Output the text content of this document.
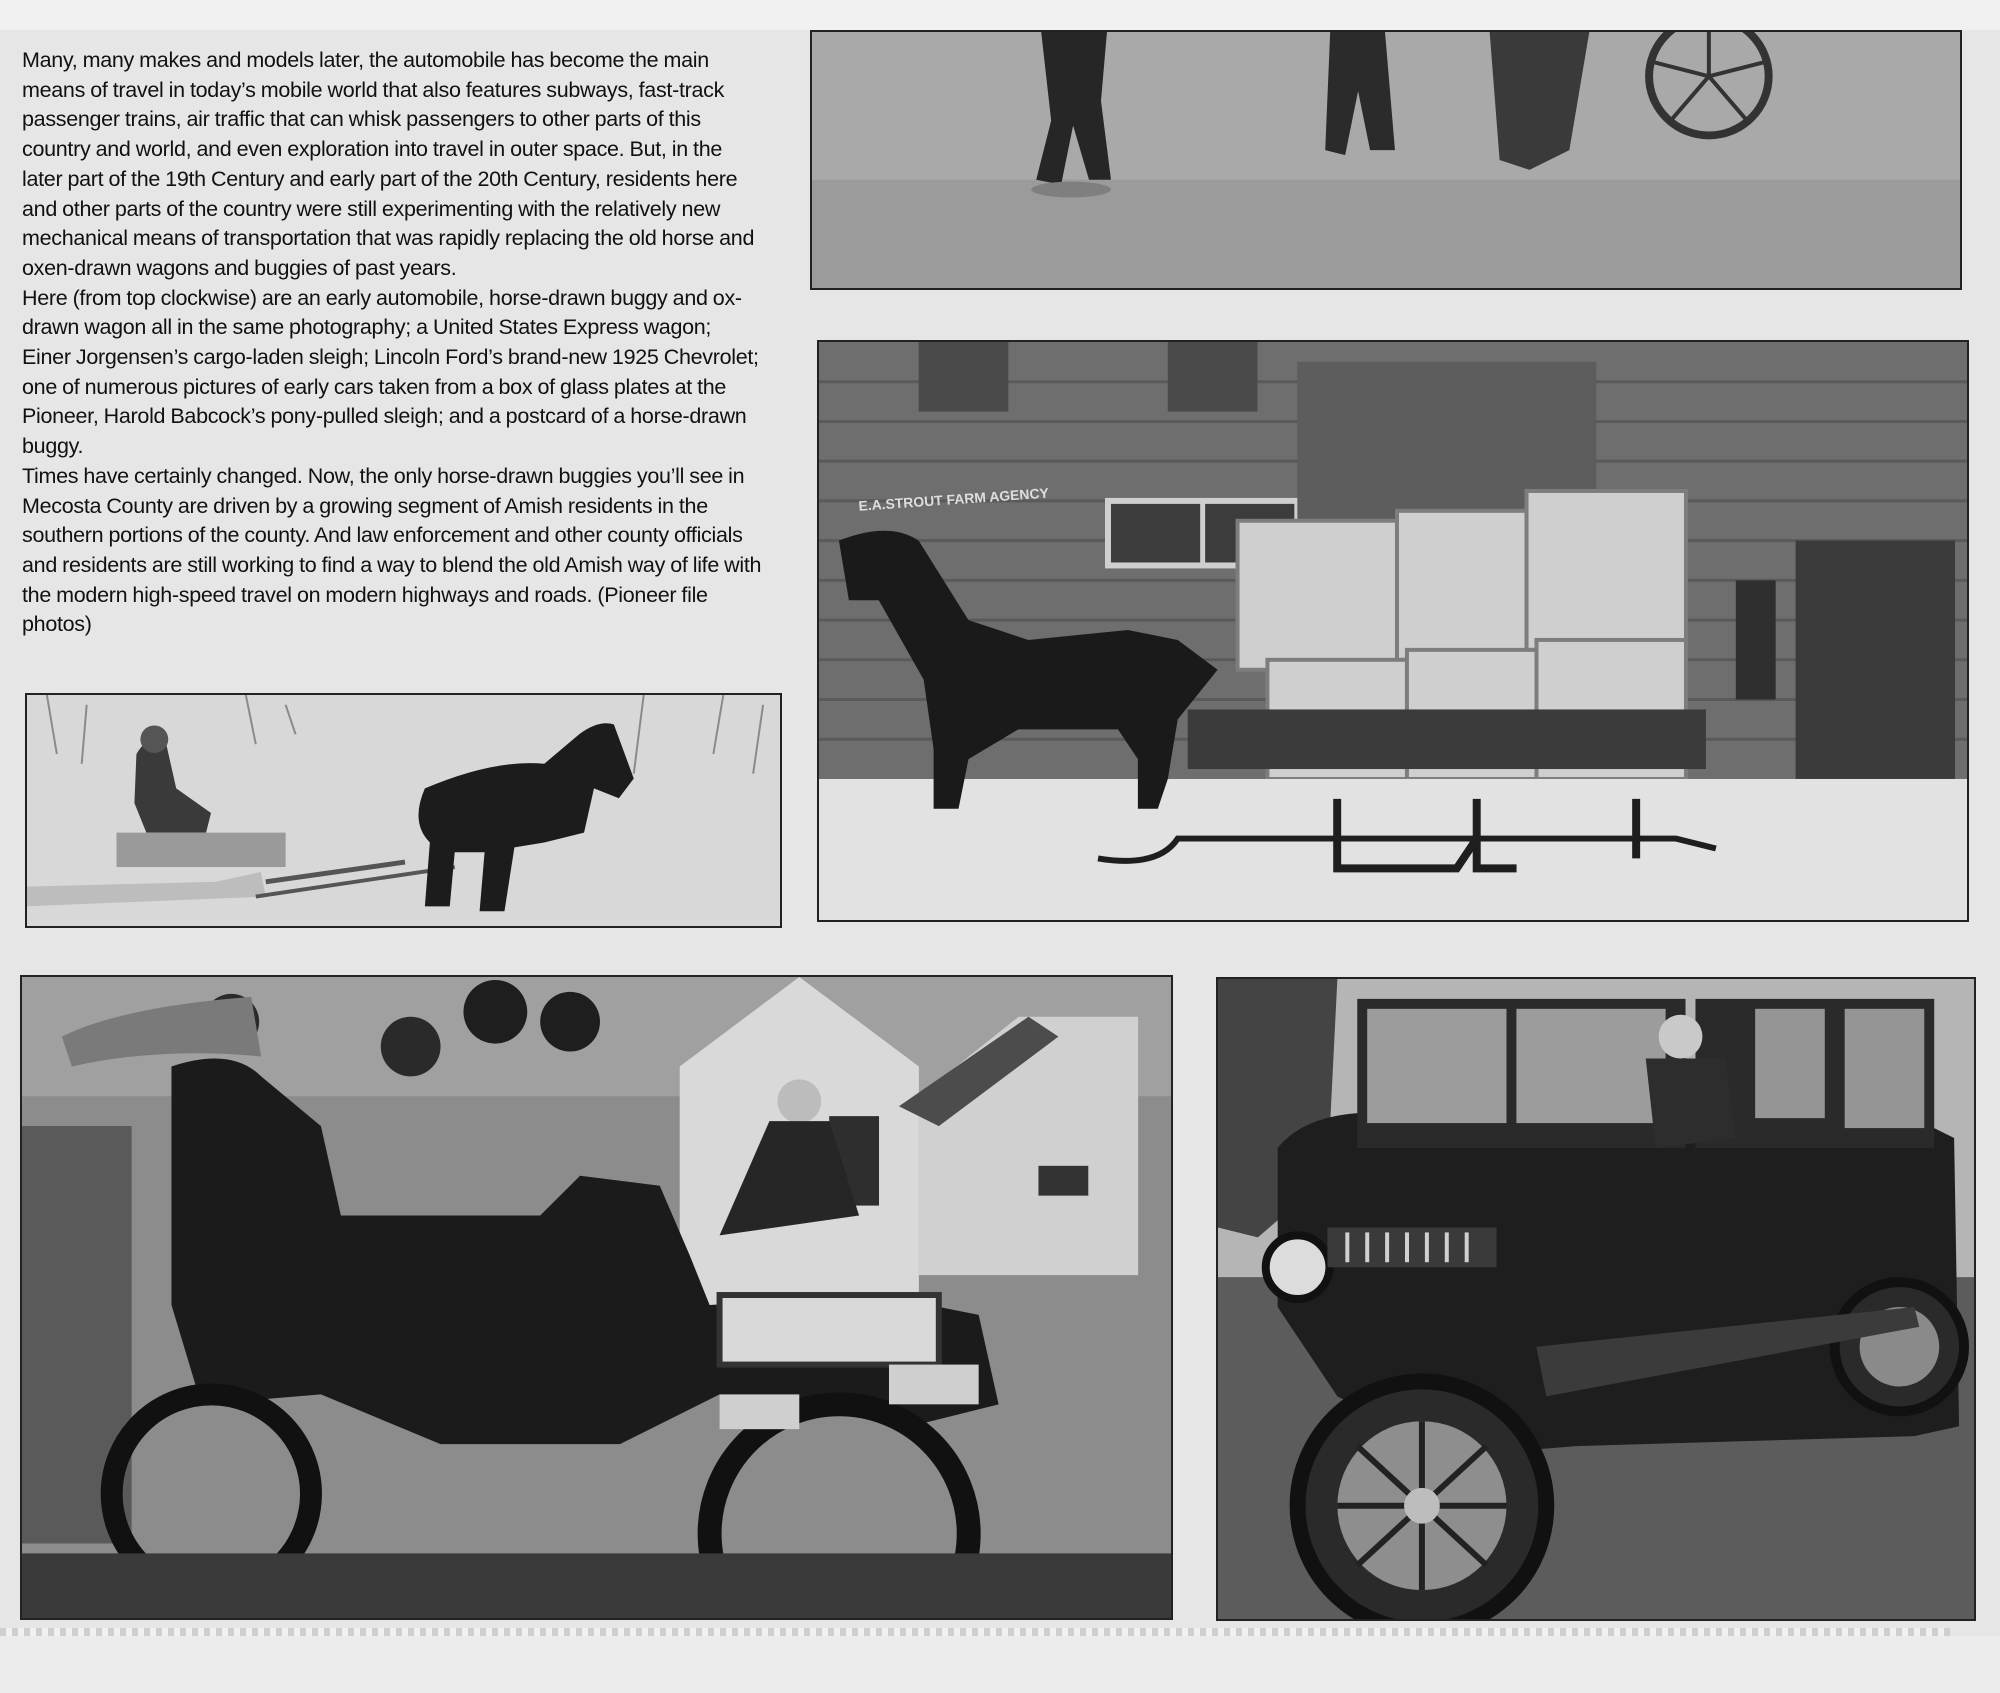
Many, many makes and models later, the automobile has become the main means of travel in today’s mobile world that also features subways, fast-track passenger trains, air traffic that can whisk passengers to other parts of this country and world, and even exploration into travel in outer space. But, in the later part of the 19th Century and early part of the 20th Century, residents here and other parts of the country were still experimenting with the relatively new mechanical means of transportation that was rapidly replacing the old horse and oxen-drawn wagons and buggies of past years.

Here (from top clockwise) are an early automobile, horse-drawn buggy and ox-drawn wagon all in the same photography; a United States Express wagon; Einer Jorgensen’s cargo-laden sleigh; Lincoln Ford’s brand-new 1925 Chevrolet; one of numerous pictures of early cars taken from a box of glass plates at the Pioneer, Harold Babcock’s pony-pulled sleigh; and a postcard of a horse-drawn buggy.

Times have certainly changed. Now, the only horse-drawn buggies you’ll see in Mecosta County are driven by a growing segment of Amish residents in the southern portions of the county. And law enforcement and other county officials and residents are still working to find a way to blend the old Amish way of life with the modern high-speed travel on modern highways and roads. (Pioneer file photos)

E.A.STROUT FARM AGENCY
